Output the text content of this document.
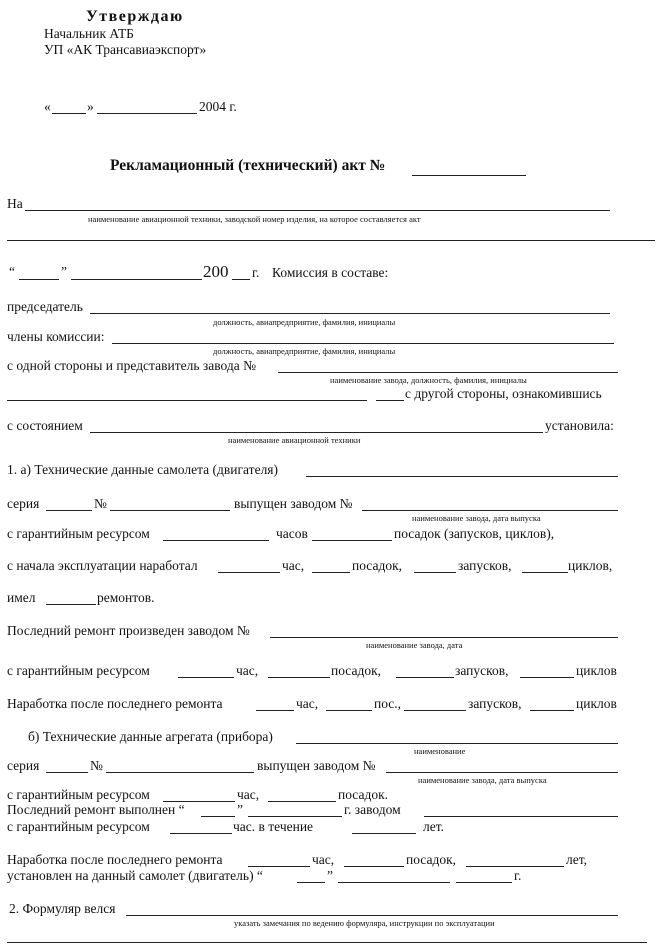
Утверждаю
Начальник АТБ
УП «АК Трансавиаэкспорт»
«	»	2004 г.
Рекламационный (технический) акт №
На
наименование авиационной техники, заводской номер изделия, на которое составляется акт
“	”	200 г. Комиссия в составе:
председатель
должность, авиапредприятие, фамилия, инициалы
члены комиссии:
должность, авиапредприятие, фамилия, инициалы
с одной стороны и представитель завода №
наименование завода, должность, фамилия, инициалы
с другой стороны, ознакомившись
с состоянием
наименование авиационной техники
установила:
1. а) Технические данные самолета (двигателя)
серия	№	выпущен заводом №
наименование завода, дата выпуска
с гарантийным ресурсом	часов	посадок (запусков, циклов),
с начала эксплуатации наработал	час,	посадок,	запусков,	циклов,
имел	ремонтов.
Последний ремонт произведен заводом №
наименование завода, дата
с гарантийным ресурсом	час,	посадок,	запусков,	циклов
Наработка после последнего ремонта	час,	пос.,	запусков,	циклов
б) Технические данные агрегата (прибора)
наименование
серия	№	выпущен заводом №
наименование завода, дата выпуска
с гарантийным ресурсом	час,	посадок.
Последний ремонт выполнен “	”	г. заводом
с гарантийным ресурсом	час. в течение	лет.
Наработка после последнего ремонта	час,	посадок,	лет,
установлен на данный самолет (двигатель) “	”	г.
2. Формуляр велся
указать замечания по ведению формуляра, инструкции по эксплуатации
